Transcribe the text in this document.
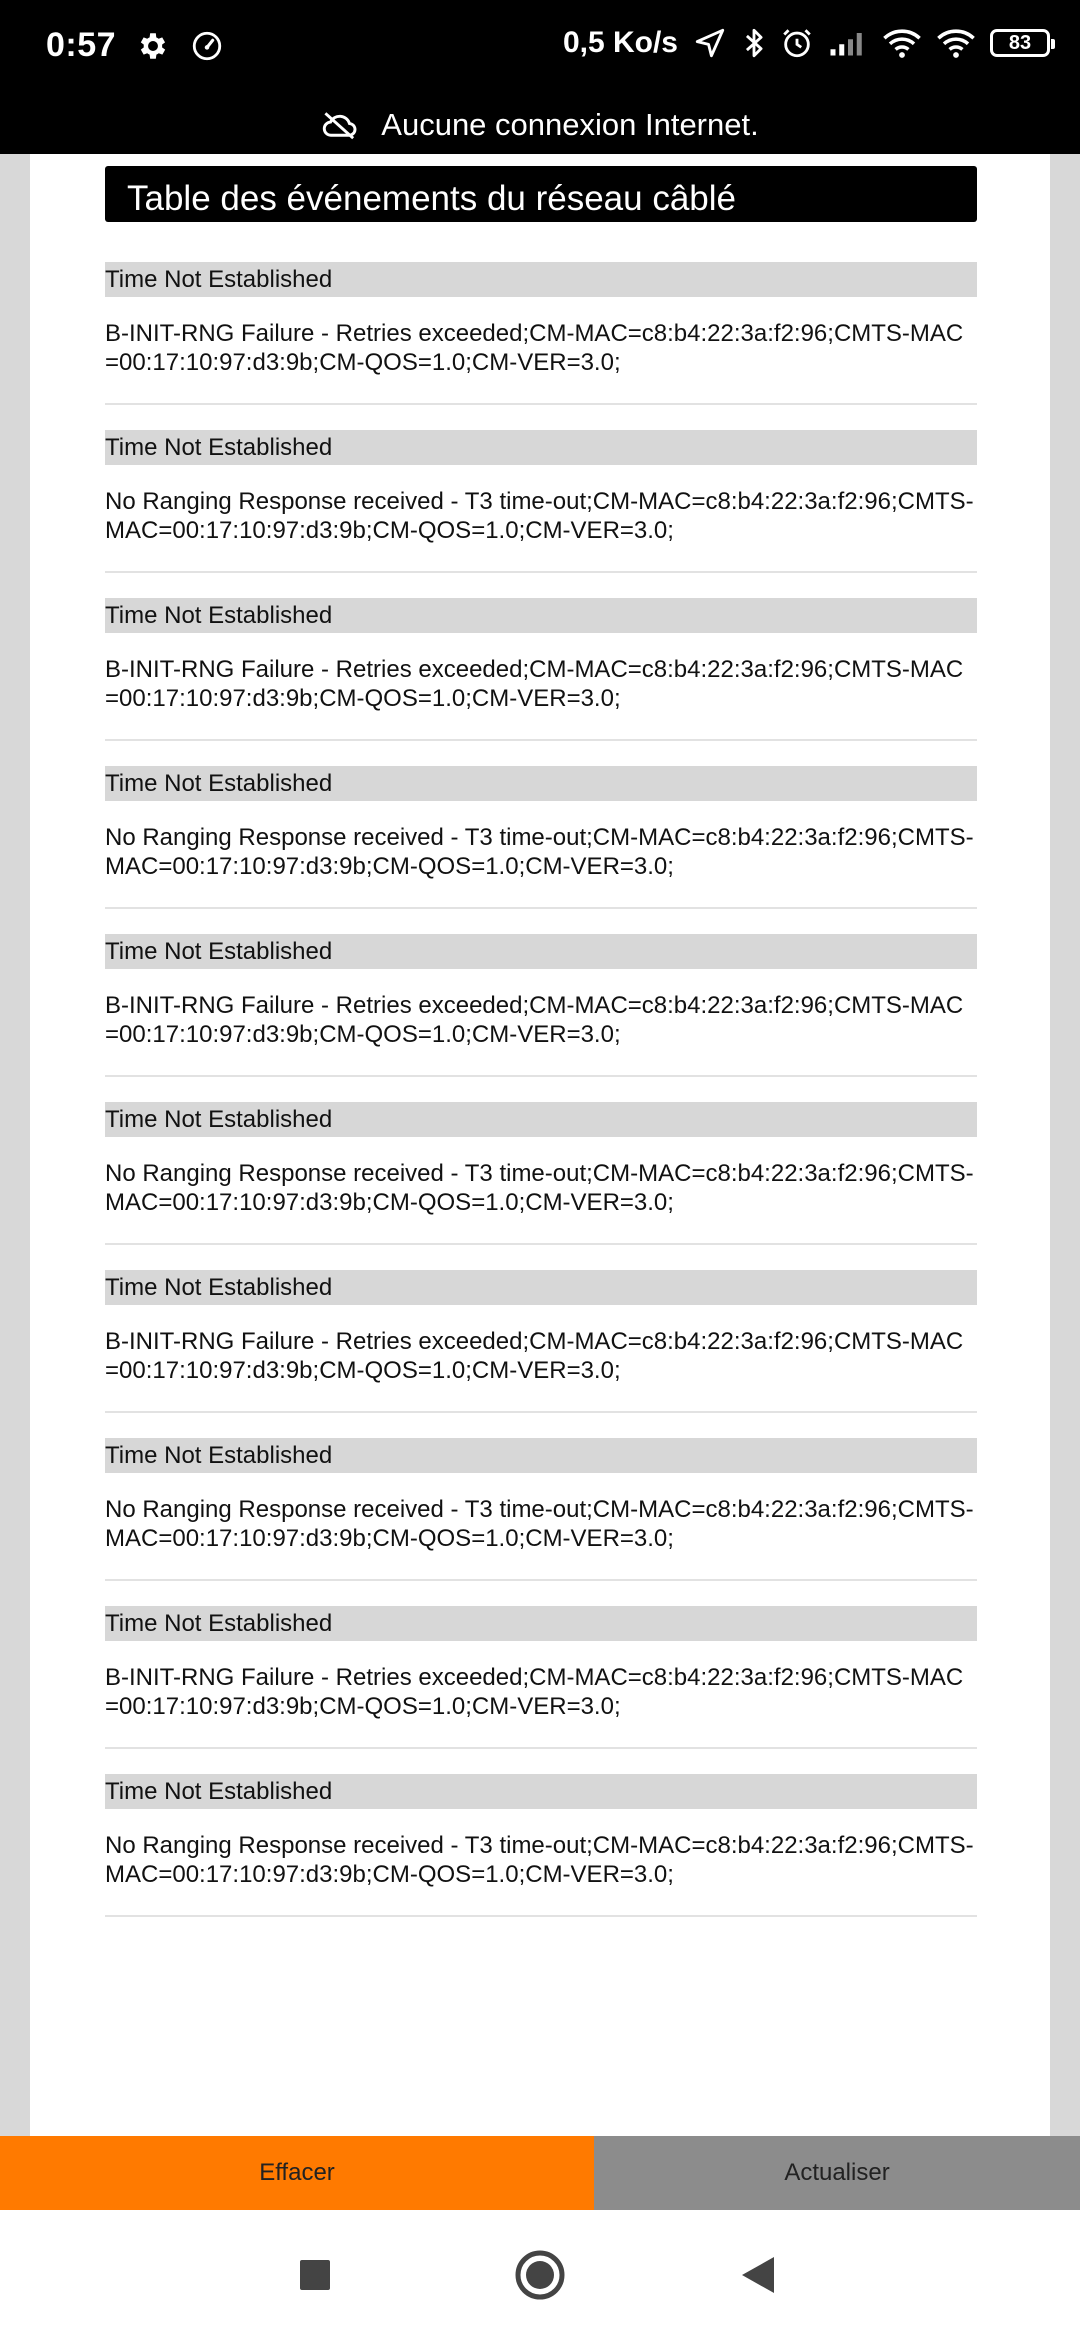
0:57	0,5 Ko/s	83
Aucune connexion Internet.
Table des événements du réseau câblé
Time Not Established
B-INIT-RNG Failure - Retries exceeded;CM-MAC=c8:b4:22:3a:f2:96;CMTS-MAC=00:17:10:97:d3:9b;CM-QOS=1.0;CM-VER=3.0;
Time Not Established
No Ranging Response received - T3 time-out;CM-MAC=c8:b4:22:3a:f2:96;CMTS-MAC=00:17:10:97:d3:9b;CM-QOS=1.0;CM-VER=3.0;
Time Not Established
B-INIT-RNG Failure - Retries exceeded;CM-MAC=c8:b4:22:3a:f2:96;CMTS-MAC=00:17:10:97:d3:9b;CM-QOS=1.0;CM-VER=3.0;
Time Not Established
No Ranging Response received - T3 time-out;CM-MAC=c8:b4:22:3a:f2:96;CMTS-MAC=00:17:10:97:d3:9b;CM-QOS=1.0;CM-VER=3.0;
Time Not Established
B-INIT-RNG Failure - Retries exceeded;CM-MAC=c8:b4:22:3a:f2:96;CMTS-MAC=00:17:10:97:d3:9b;CM-QOS=1.0;CM-VER=3.0;
Time Not Established
No Ranging Response received - T3 time-out;CM-MAC=c8:b4:22:3a:f2:96;CMTS-MAC=00:17:10:97:d3:9b;CM-QOS=1.0;CM-VER=3.0;
Time Not Established
B-INIT-RNG Failure - Retries exceeded;CM-MAC=c8:b4:22:3a:f2:96;CMTS-MAC=00:17:10:97:d3:9b;CM-QOS=1.0;CM-VER=3.0;
Time Not Established
No Ranging Response received - T3 time-out;CM-MAC=c8:b4:22:3a:f2:96;CMTS-MAC=00:17:10:97:d3:9b;CM-QOS=1.0;CM-VER=3.0;
Time Not Established
B-INIT-RNG Failure - Retries exceeded;CM-MAC=c8:b4:22:3a:f2:96;CMTS-MAC=00:17:10:97:d3:9b;CM-QOS=1.0;CM-VER=3.0;
Time Not Established
No Ranging Response received - T3 time-out;CM-MAC=c8:b4:22:3a:f2:96;CMTS-MAC=00:17:10:97:d3:9b;CM-QOS=1.0;CM-VER=3.0;
Effacer	Actualiser
